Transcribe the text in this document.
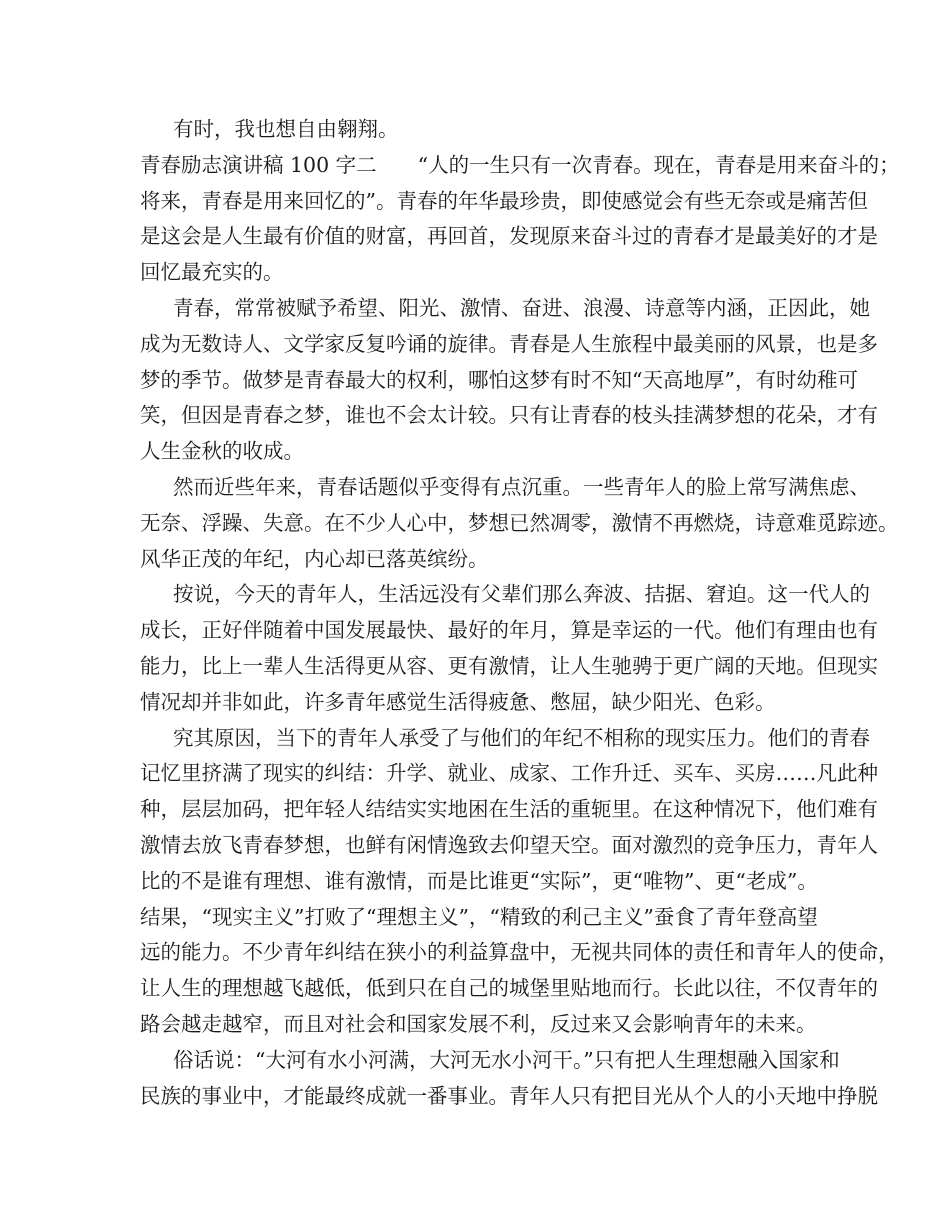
有时，我也想自由翱翔。
青春励志演讲稿 100 字二　　“人的一生只有一次青春。现在，青春是用来奋斗的；
将来，青春是用来回忆的”。青春的年华最珍贵，即使感觉会有些无奈或是痛苦但
是这会是人生最有价值的财富，再回首，发现原来奋斗过的青春才是最美好的才是
回忆最充实的。
青春，常常被赋予希望、阳光、激情、奋进、浪漫、诗意等内涵，正因此，她
成为无数诗人、文学家反复吟诵的旋律。青春是人生旅程中最美丽的风景，也是多
梦的季节。做梦是青春最大的权利，哪怕这梦有时不知“天高地厚”，有时幼稚可
笑，但因是青春之梦，谁也不会太计较。只有让青春的枝头挂满梦想的花朵，才有
人生金秋的收成。
然而近些年来，青春话题似乎变得有点沉重。一些青年人的脸上常写满焦虑、
无奈、浮躁、失意。在不少人心中，梦想已然凋零，激情不再燃烧，诗意难觅踪迹。
风华正茂的年纪，内心却已落英缤纷。
按说，今天的青年人，生活远没有父辈们那么奔波、拮据、窘迫。这一代人的
成长，正好伴随着中国发展最快、最好的年月，算是幸运的一代。他们有理由也有
能力，比上一辈人生活得更从容、更有激情，让人生驰骋于更广阔的天地。但现实
情况却并非如此，许多青年感觉生活得疲惫、憋屈，缺少阳光、色彩。
究其原因，当下的青年人承受了与他们的年纪不相称的现实压力。他们的青春
记忆里挤满了现实的纠结：升学、就业、成家、工作升迁、买车、买房……凡此种
种，层层加码，把年轻人结结实实地困在生活的重轭里。在这种情况下，他们难有
激情去放飞青春梦想，也鲜有闲情逸致去仰望天空。面对激烈的竞争压力，青年人
比的不是谁有理想、谁有激情，而是比谁更“实际”，更“唯物”、更“老成”。
结果，“现实主义”打败了“理想主义”，“精致的利己主义”蚕食了青年登高望
远的能力。不少青年纠结在狭小的利益算盘中，无视共同体的责任和青年人的使命，
让人生的理想越飞越低，低到只在自己的城堡里贴地而行。长此以往，不仅青年的
路会越走越窄，而且对社会和国家发展不利，反过来又会影响青年的未来。
俗话说：“大河有水小河满，大河无水小河干。”只有把人生理想融入国家和
民族的事业中，才能最终成就一番事业。青年人只有把目光从个人的小天地中挣脱
